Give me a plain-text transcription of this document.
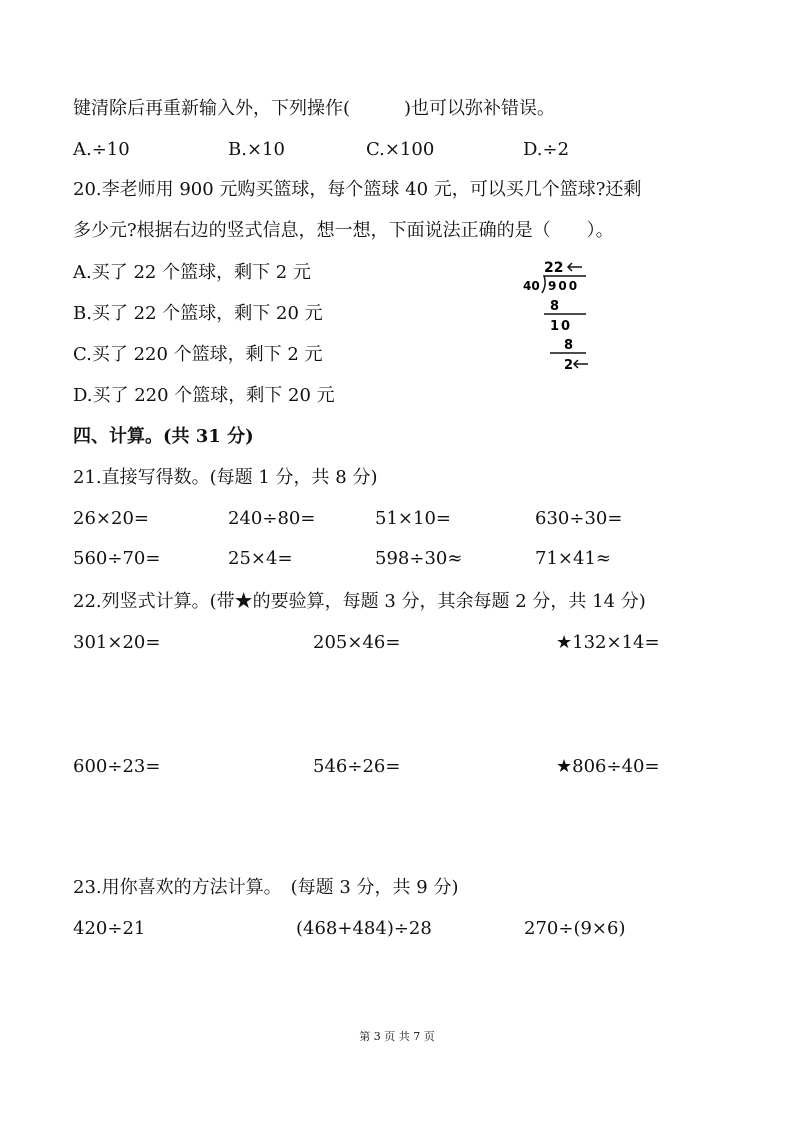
键清除后再重新输入外，下列操作(　　　)也可以弥补错误。
A.÷10	B.×10	C.×100	D.÷2
20.李老师用 900 元购买篮球，每个篮球 40 元，可以买几个篮球?还剩
多少元?根据右边的竖式信息，想一想，下面说法正确的是（　　）。
A.买了 22 个篮球，剩下 2 元
B.买了 22 个篮球，剩下 20 元
C.买了 220 个篮球，剩下 2 元
D.买了 220 个篮球，剩下 20 元
22
40 900
8
10
8
2
四、计算。(共 31 分)
21.直接写得数。(每题 1 分，共 8 分)
26×20=	240÷80=	51×10=	630÷30=
560÷70=	25×4=	598÷30≈	71×41≈
22.列竖式计算。(带★的要验算，每题 3 分，其余每题 2 分，共 14 分)
301×20=	205×46=	★132×14=
600÷23=	546÷26=	★806÷40=
23.用你喜欢的方法计算。　(每题 3 分，共 9 分)
420÷21	(468+484)÷28	270÷(9×6)
第 3 页 共 7 页
